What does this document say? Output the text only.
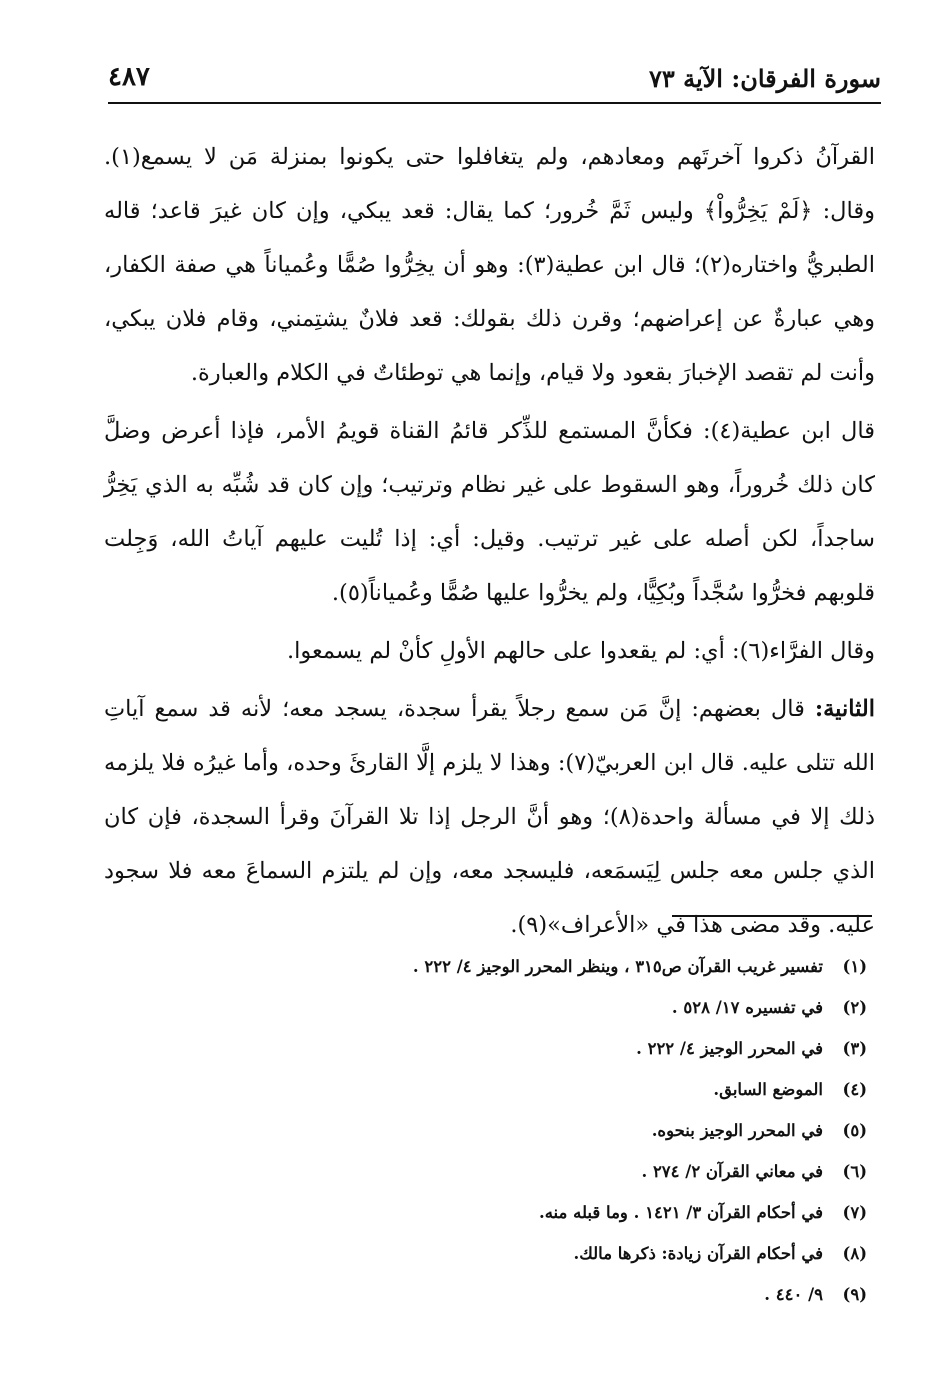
سورة الفرقان: الآية ٧٣
٤٨٧

القرآنُ ذكروا آخرتَهم ومعادهم، ولم يتغافلوا حتى يكونوا بمنزلة مَن لا يسمع(١). وقال: ﴿لَمْ يَخِرُّواْ﴾ وليس ثَمَّ خُرور؛ كما يقال: قعد يبكي، وإن كان غيرَ قاعد؛ قاله الطبريُّ واختاره(٢)؛ قال ابن عطية(٣): وهو أن يخِرُّوا صُمًّا وعُمياناً هي صفة الكفار، وهي عبارةٌ عن إعراضهم؛ وقرن ذلك بقولك: قعد فلانٌ يشتِمني، وقام فلان يبكي، وأنت لم تقصد الإخبارَ بقعود ولا قيام، وإنما هي توطئاتٌ في الكلام والعبارة.

قال ابن عطية(٤): فكأنَّ المستمع للذِّكر قائمُ القناة قويمُ الأمر، فإذا أعرض وضلَّ كان ذلك خُروراً، وهو السقوط على غير نظام وترتيب؛ وإن كان قد شُبِّه به الذي يَخِرُّ ساجداً، لكن أصله على غير ترتيب. وقيل: أي: إذا تُليت عليهم آياتُ الله، وَجِلت قلوبهم فخرُّوا سُجَّداً وبُكِيًّا، ولم يخرُّوا عليها صُمًّا وعُمياناً(٥).

وقال الفرَّاء(٦): أي: لم يقعدوا على حالهم الأولِ كأنْ لم يسمعوا.

الثانية: قال بعضهم: إنَّ مَن سمع رجلاً يقرأ سجدة، يسجد معه؛ لأنه قد سمع آياتِ الله تتلى عليه. قال ابن العربيّ(٧): وهذا لا يلزم إلَّا القارئَ وحده، وأما غيرُه فلا يلزمه ذلك إلا في مسألة واحدة(٨)؛ وهو أنَّ الرجل إذا تلا القرآنَ وقرأ السجدة، فإن كان الذي جلس معه جلس لِيَسمَعه، فليسجد معه، وإن لم يلتزم السماعَ معه فلا سجود عليه. وقد مضى هذا في «الأعراف»(٩).

(١)تفسير غريب القرآن ص٣١٥ ، وينظر المحرر الوجيز ٤/ ٢٢٢ .
(٢)في تفسيره ١٧/ ٥٢٨ .
(٣)في المحرر الوجيز ٤/ ٢٢٢ .
(٤)الموضع السابق.
(٥)في المحرر الوجيز بنحوه.
(٦)في معاني القرآن ٢/ ٢٧٤ .
(٧)في أحكام القرآن ٣/ ١٤٢١ . وما قبله منه.
(٨)في أحكام القرآن زيادة: ذكرها مالك.
(٩)٩/ ٤٤٠ .
